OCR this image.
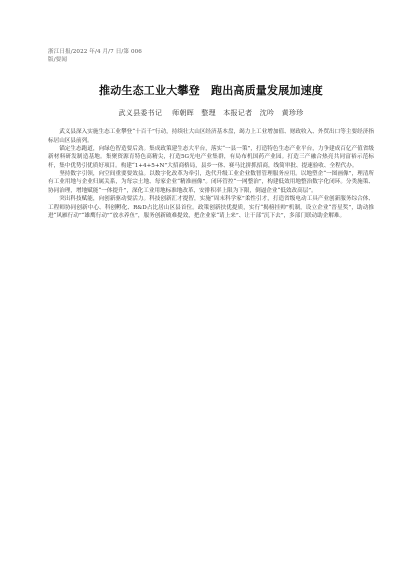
浙江日报/2022 年/4 月/7 日/第 006
版/要闻
推动生态工业大攀登　跑出高质量发展加速度
武义县委书记　 师朝晖　整理　本报记者　沈吟　黄珍珍

武义县深入实施生态工业攀登“十百千”行动，持续壮大山区经济基本盘，竭力上工业增加值、财政收入、外贸出口等主要经济指标居山区县前列。

锚定生态跑道，向绿色智造要后劲。集成政策建生态大平台，落实“一县一策”，打造特色生态产业平台，力争建成百亿产值省级新材料研发制造基地。集聚资源育特色高精尖，打造5G光电产业集群，有局布机国药产业园。打造三产融合热亮共同富裕示范标杆，集中优势引优质好项目。构建“1+4+5+N”大招商格局，县乡一体、赛马比拼抓招商，线简审批、提速验收、全程代办。

坚持数字引领，向空间重要要效益。以数字化改革为牵引，迭代升级工业企业数智管理服务应用。以地塑企“一图画像”，理清所有工业用地与企业归属关系，为每宗土地、每家企业“精准画像”。闭环管控“一网整治”，构建低效用地整治数字化闭环。分类施策、协同治理，增地赋能“一体提升”，深化工业用地标准地改革，安排积率上限为下限，倒逼企业“低效改高层”。

突出科技赋能，向创新驱动要活力。科技创新汇才提智，实施“周末科学家”柔性引才，打造省级电动工具产业创新服务综合体、工程师协同创新中心、科创孵化、R&D占比居山区县首位。政策创新扶优提质，实行“揭榜挂帅”机制，设立企业“晋星奖”，助动推进“风雁行动”“雄鹰行动”“放水养鱼”，服务创新破难提效，把企业家“请上来”、让干部“沉下去”，多部门联动助企解难。
